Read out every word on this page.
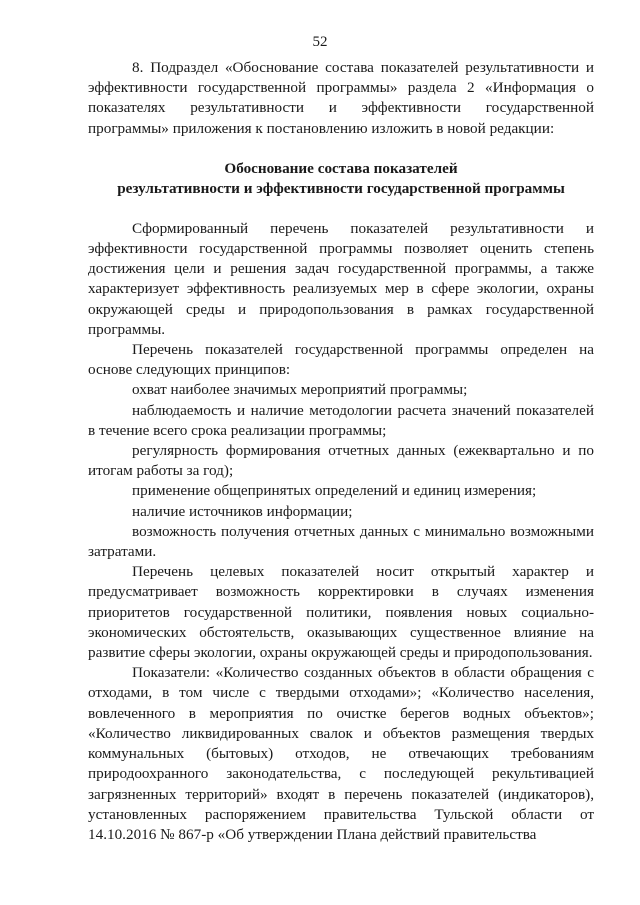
52

8. Подраздел «Обоснование состава показателей результативности и эффективности государственной программы» раздела 2 «Информация о показателях результативности и эффективности государственной программы» приложения к постановлению изложить в новой редакции:

Обоснование состава показателей
результативности и эффективности государственной программы

Сформированный перечень показателей результативности и эффективности государственной программы позволяет оценить степень достижения цели и решения задач государственной программы, а также характеризует эффективность реализуемых мер в сфере экологии, охраны окружающей среды и природопользования в рамках государственной программы.

Перечень показателей государственной программы определен на основе следующих принципов:

охват наиболее значимых мероприятий программы;

наблюдаемость и наличие методологии расчета значений показателей в течение всего срока реализации программы;

регулярность формирования отчетных данных (ежеквартально и по итогам работы за год);

применение общепринятых определений и единиц измерения;

наличие источников информации;

возможность получения отчетных данных с минимально возможными затратами.

Перечень целевых показателей носит открытый характер и предусматривает возможность корректировки в случаях изменения приоритетов государственной политики, появления новых социально-экономических обстоятельств, оказывающих существенное влияние на развитие сферы экологии, охраны окружающей среды и природопользования.

Показатели: «Количество созданных объектов в области обращения с отходами, в том числе с твердыми отходами»; «Количество населения, вовлеченного в мероприятия по очистке берегов водных объектов»; «Количество ликвидированных свалок и объектов размещения твердых коммунальных (бытовых) отходов, не отвечающих требованиям природоохранного законодательства, с последующей рекультивацией загрязненных территорий» входят в перечень показателей (индикаторов), установленных распоряжением правительства Тульской области от 14.10.2016 № 867-р «Об утверждении Плана действий правительства
